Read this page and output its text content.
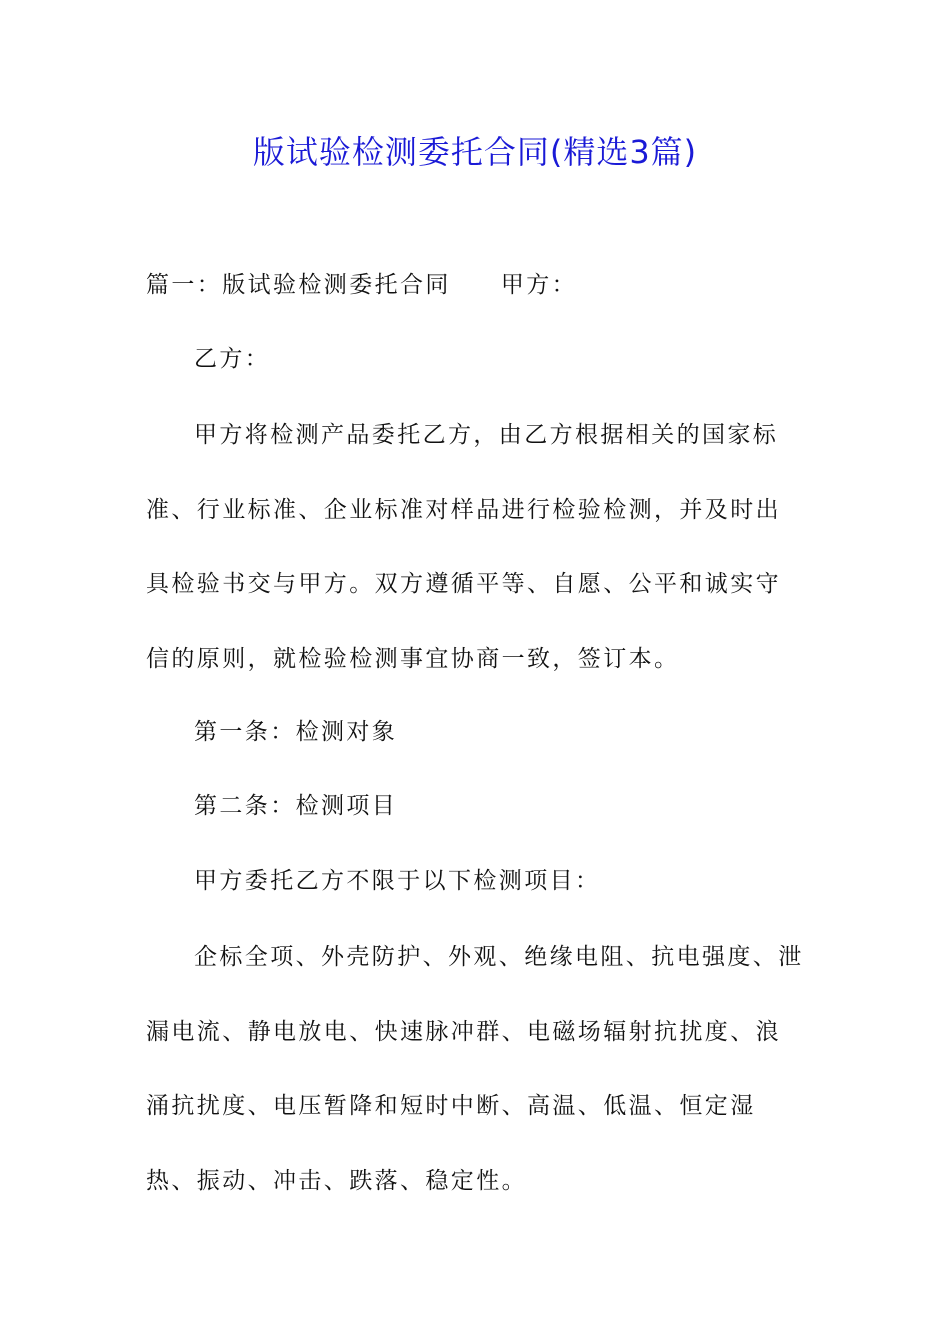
版试验检测委托合同(精选3篇)
篇一：版试验检测委托合同 甲方：
乙方：
甲方将检测产品委托乙方，由乙方根据相关的国家标准、行业标准、企业标准对样品进行检验检测，并及时出具检验书交与甲方。双方遵循平等、自愿、公平和诚实守信的原则，就检验检测事宜协商一致，签订本。
第一条：检测对象
第二条：检测项目
甲方委托乙方不限于以下检测项目：
企标全项、外壳防护、外观、绝缘电阻、抗电强度、泄漏电流、静电放电、快速脉冲群、电磁场辐射抗扰度、浪涌抗扰度、电压暂降和短时中断、高温、低温、恒定湿热、振动、冲击、跌落、稳定性。
